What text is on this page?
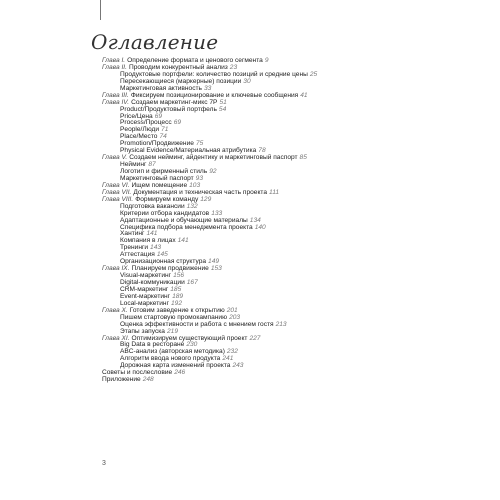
Оглавление
Глава I. Определение формата и ценового сегмента 9
Глава II. Проводим конкурентный анализ 23
Продуктовые портфели: количество позиций и средние цены 25
Пересекающиеся (маркерные) позиции 30
Маркетинговая активность 33
Глава III. Фиксируем позиционирование и ключевые сообщения 41
Глава IV. Создаем маркетинг-микс 7P 51
Product/Продуктовый портфель 54
Price/Цена 69
Process/Процесс 69
People/Люди 71
Place/Место 74
Promotion/Продвижение 75
Physical Evidence/Материальная атрибутика 78
Глава V. Создаем нейминг, айдентику и маркетинговый паспорт 85
Нейминг 87
Логотип и фирменный стиль 92
Маркетинговый паспорт 93
Глава VI. Ищем помещение 103
Глава VII. Документация и техническая часть проекта 111
Глава VIII. Формируем команду 129
Подготовка вакансии 132
Критерии отбора кандидатов 133
Адаптационные и обучающие материалы 134
Специфика подбора менеджмента проекта 140
Хантинг 141
Компания в лицах 141
Тренинги 143
Аттестация 145
Организационная структура 149
Глава IX. Планируем продвижение 153
Visual-маркетинг 156
Digital-коммуникации 167
CRM-маркетинг 185
Event-маркетинг 189
Local-маркетинг 192
Глава X. Готовим заведение к открытию 201
Пишем стартовую промокампанию 203
Оценка эффективности и работа с мнением гостя 213
Этапы запуска 219
Глава XI. Оптимизируем существующий проект 227
Big Data в ресторане 230
ABC-анализ (авторская методика) 232
Алгоритм ввода нового продукта 241
Дорожная карта изменений проекта 243
Советы и послесловие 246
Приложение 248
3
